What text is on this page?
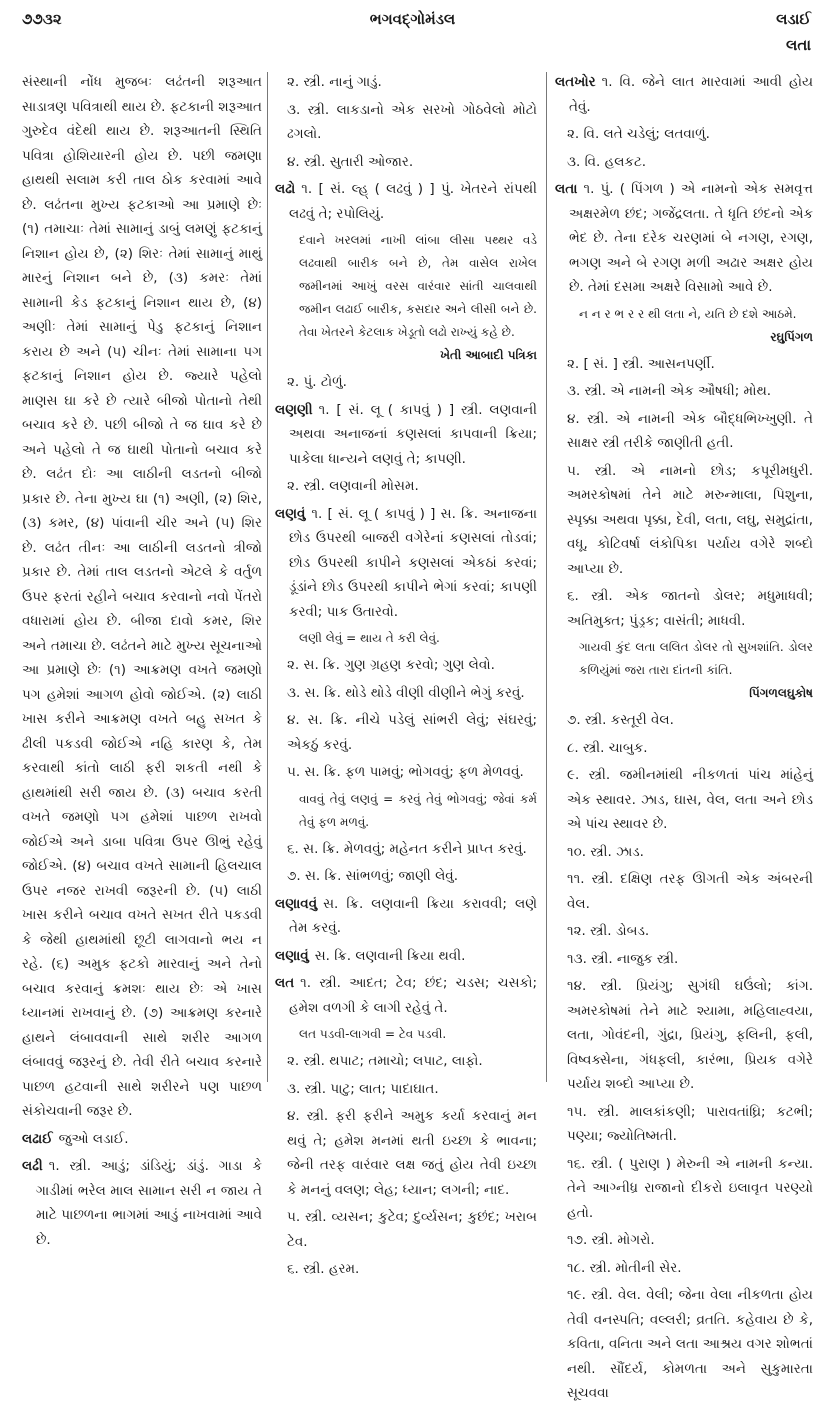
૭૭૩૨	ભગવદ્ગોમંડલ	લડાઈ
લતા

સંસ્થાની નોંધ મુજબઃ લઢંતની શરૂઆત સાડાત્રણ પવિત્રાથી થાય છે. ફટકાની શરૂઆત ગુરુદેવ વંદેથી થાય છે. શરૂઆતની સ્થિતિ પવિત્રા હોશિયારની હોય છે. પછી જમણા હાથથી સલામ કરી તાલ ઠોક કરવામાં આવે છે. લઢંતના મુખ્ય ફટકાઓ આ પ્રમાણે છેઃ (૧) તમાચાઃ તેમાં સામાનું ડાબું લમણું ફટકાનું નિશાન હોય છે, (૨) શિરઃ તેમાં સામાનું માથું મારનું નિશાન બને છે, (૩) કમરઃ તેમાં સામાની કેડ ફટકાનું નિશાન થાય છે, (૪) અણીઃ તેમાં સામાનું પેડુ ફટકાનું નિશાન કરાય છે અને (૫) ચીનઃ તેમાં સામાના પગ ફટકાનું નિશાન હોય છે. જ્યારે પહેલો માણસ ઘા કરે છે ત્યારે બીજો પોતાનો તેથી બચાવ કરે છે. પછી બીજો તે જ ઘાવ કરે છે અને પહેલો તે જ ઘાથી પોતાનો બચાવ કરે છે. લઢંત દોઃ આ લાઠીની લડતનો બીજો પ્રકાર છે. તેના મુખ્ય ઘા (૧) અણી, (૨) શિર, (૩) કમર, (૪) પાંવાની ચીર અને (૫) શિર છે. લઢંત તીનઃ આ લાઠીની લડતનો ત્રીજો પ્રકાર છે. તેમાં તાલ લડતનો એટલે કે વર્તુળ ઉપર ફરતાં રહીને બચાવ કરવાનો નવો પેંતરો વધારામાં હોય છે. બીજા દાવો કમર, શિર અને તમાચા છે. લઢંતને માટે મુખ્ય સૂચનાઓ આ પ્રમાણે છેઃ (૧) આક્રમણ વખતે જમણો પગ હમેશાં આગળ હોવો જોઈએ. (૨) લાઠી ખાસ કરીને આક્રમણ વખતે બહુ સખત કે ઢીલી પકડવી જોઈએ નહિ કારણ કે, તેમ કરવાથી કાંતો લાઠી ફરી શકતી નથી કે હાથમાંથી સરી જાય છે. (૩) બચાવ કરતી વખતે જમણો પગ હમેશાં પાછળ રાખવો જોઈએ અને ડાબા પવિત્રા ઉપર ઊભું રહેવું જોઈએ. (૪) બચાવ વખતે સામાની હિલચાલ ઉપર નજર રાખવી જરૂરની છે. (૫) લાઠી ખાસ કરીને બચાવ વખતે સખત રીતે પકડવી કે જેથી હાથમાંથી છૂટી લાગવાનો ભય ન રહે. (૬) અમુક ફટકો મારવાનું અને તેનો બચાવ કરવાનું ક્રમશઃ થાય છેઃ એ ખાસ ધ્યાનમાં રાખવાનું છે. (૭) આક્રમણ કરનારે હાથને લંબાવવાની સાથે શરીર આગળ લંબાવવું જરૂરનું છે. તેવી રીતે બચાવ કરનારે પાછળ હટવાની સાથે શરીરને પણ પાછળ સંકોચવાની જરૂર છે.

લઢાઈ જુઓ લડાઈ.

લઢી ૧. સ્ત્રી. આડું; ડાંડિયું; ડાંડું. ગાડા કે ગાડીમાં ભરેલ માલ સામાન સરી ન જાય તે માટે પાછળના ભાગમાં આડું નાખવામાં આવે છે.

૨. સ્ત્રી. નાનું ગાડું.

૩. સ્ત્રી. લાકડાનો એક સરખો ગોઠવેલો મોટો ઢગલો.

૪. સ્ત્રી. સુતારી ઓજાર.

લઢો ૧. [ સં. લ્હ્ ( લઢવું ) ] પું. ખેતરને રાંપથી લઢવું તે; રપોલિયું.

દવાને ખરલમાં નાખી લાંબા લીસા પથ્થર વડે લઢવાથી બારીક બને છે, તેમ વાસેલ રાખેલ જમીનમાં આખું વરસ વારંવાર સાંતી ચાલવાથી જમીન લઢાઈ બારીક, કસદાર અને લીસી બને છે. તેવા ખેતરને કેટલાક ખેડૂતો લઢો રાખ્યું કહે છે.
ખેતી આબાદી પત્રિકા

૨. પું. ટોળું.

લણણી ૧. [ સં. લૂ ( કાપવું ) ] સ્ત્રી. લણવાની અથવા અનાજનાં કણસલાં કાપવાની ક્રિયા; પાકેલા ધાન્યને લણવું તે; કાપણી.

૨. સ્ત્રી. લણવાની મોસમ.

લણવું ૧. [ સં. લૂ ( કાપવું ) ] સ. ક્રિ. અનાજના છોડ ઉપરથી બાજરી વગેરેનાં કણસલાં તોડવાં; છોડ ઉપરથી કાપીને કણસલાં એકઠાં કરવાં; ડૂંડાંને છોડ ઉપરથી કાપીને ભેગાં કરવાં; કાપણી કરવી; પાક ઉતારવો.

લણી લેવું = થાય તે કરી લેવું.

૨. સ. ક્રિ. ગુણ ગ્રહણ કરવો; ગુણ લેવો.

૩. સ. ક્રિ. થોડે થોડે વીણી વીણીને ભેગું કરવું.

૪. સ. ક્રિ. નીચે પડેલું સાંભરી લેવું; સંઘરવું; એકઠું કરવું.

૫. સ. ક્રિ. ફળ પામવું; ભોગવવું; ફળ મેળવવું.

વાવવું તેવું લણવું = કરવું તેવું ભોગવવું; જેવાં કર્મ તેવું ફળ મળવું.

૬. સ. ક્રિ. મેળવવું; મહેનત કરીને પ્રાપ્ત કરવું.

૭. સ. ક્રિ. સાંભળવું; જાણી લેવું.

લણાવવું સ. ક્રિ. લણવાની ક્રિયા કરાવવી; લણે તેમ કરવું.

લણાવું સ. ક્રિ. લણવાની ક્રિયા થવી.

લત ૧. સ્ત્રી. આદત; ટેવ; છંદ; ચડસ; ચસકો; હમેશ વળગી કે લાગી રહેવું તે.

લત પડવી-લાગવી = ટેવ પડવી.

૨. સ્ત્રી. થપાટ; તમાચો; લપાટ, લાફો.

૩. સ્ત્રી. પાટુ; લાત; પાદાઘાત.

૪. સ્ત્રી. ફરી ફરીને અમુક કર્યા કરવાનું મન થવું તે; હમેશ મનમાં થતી ઇચ્છા કે ભાવના; જેની તરફ વારંવાર લક્ષ જતું હોય તેવી ઇચ્છા કે મનનું વલણ; લેહ; ધ્યાન; લગની; નાદ.

૫. સ્ત્રી. વ્યસન; કુટેવ; દુર્વ્યસન; કુછંદ; ખરાબ ટેવ.

૬. સ્ત્રી. હરમ.

લતખોર ૧. વિ. જેને લાત મારવામાં આવી હોય તેવું.

૨. વિ. લતે ચડેલું; લતવાળું.

૩. વિ. હલકટ.

લતા ૧. પું. ( પિંગળ ) એ નામનો એક સમવૃત્ત અક્ષરમેળ છંદ; ગજેંદ્રલતા. તે ધૃતિ છંદનો એક ભેદ છે. તેના દરેક ચરણમાં બે નગણ, રગણ, ભગણ અને બે રગણ મળી અઢાર અક્ષર હોય છે. તેમાં દસમા અક્ષરે વિસામો આવે છે.

ન ન ર ભ ર ર થી લતા ને, યતિ છે દશે આઠમે.
રઘુપિંગળ

૨. [ સં. ] સ્ત્રી. આસનપર્ણી.

૩. સ્ત્રી. એ નામની એક ઔષધી; મોથ.

૪. સ્ત્રી. એ નામની એક બૌદ્ધભિખ્ખુણી. તે સાક્ષર સ્ત્રી તરીકે જાણીતી હતી.

૫. સ્ત્રી. એ નામનો છોડ; કપૂરીમધુરી. અમરકોષમાં તેને માટે મરુન્માલા, પિશુના, સ્પૃક્કા અથવા પૃક્કા, દેવી, લતા, લઘુ, સમુદ્રાંતા, વધૂ, કોટિવર્ષા લંકોપિકા પર્યાય વગેરે શબ્દો આપ્યા છે.

૬. સ્ત્રી. એક જાતનો ડોલર; મધુમાધવી; અતિમુક્ત; પુંડ્રક; વાસંતી; માધવી.

ગાયવી કુંદ લતા લલિત ડોલર તો સુખશાંતિ. ડોલર કળિયુંમાં જરા તારા દાંતની કાંતિ.
પિંગળલઘુકોષ

૭. સ્ત્રી. કસ્તૂરી વેલ.

૮. સ્ત્રી. ચાબુક.

૯. સ્ત્રી. જમીનમાંથી નીકળતાં પાંચ માંહેનું એક સ્થાવર. ઝાડ, ઘાસ, વેલ, લતા અને છોડ એ પાંચ સ્થાવર છે.

૧૦. સ્ત્રી. ઝાડ.

૧૧. સ્ત્રી. દક્ષિણ તરફ ઊગતી એક અંબરની વેલ.

૧૨. સ્ત્રી. ડોબડ.

૧૩. સ્ત્રી. નાજુક સ્ત્રી.

૧૪. સ્ત્રી. પ્રિયંગુ; સુગંધી ઘઉંલો; કાંગ. અમરકોષમાં તેને માટે શ્યામા, મહિલાહ્વયા, લતા, ગોવંદની, ગુંદ્રા, પ્રિયંગુ, ફલિની, ફલી, વિષ્વક્સેના, ગંધફલી, કારંભા, પ્રિયક વગેરે પર્યાય શબ્દો આપ્યા છે.

૧૫. સ્ત્રી. માલકાંકણી; પારાવતાંઘ્રિ; કટભી; પણ્યા; જ્યોતિષ્મતી.

૧૬. સ્ત્રી. ( પુરાણ ) મેરુની એ નામની કન્યા. તેને આગ્નીધ્ર રાજાનો દીકરો ઇલાવૃત પરણ્યો હતો.

૧૭. સ્ત્રી. મોગરો.

૧૮. સ્ત્રી. મોતીની સેર.

૧૯. સ્ત્રી. વેલ. વેલી; જેના વેલા નીકળતા હોય તેવી વનસ્પતિ; વલ્લરી; વ્રતતિ. કહેવાય છે કે, કવિતા, વનિતા અને લતા આશ્રય વગર શોભતાં નથી. સૌંદર્ય, કોમળતા અને સુકુમારતા સૂચવવા
